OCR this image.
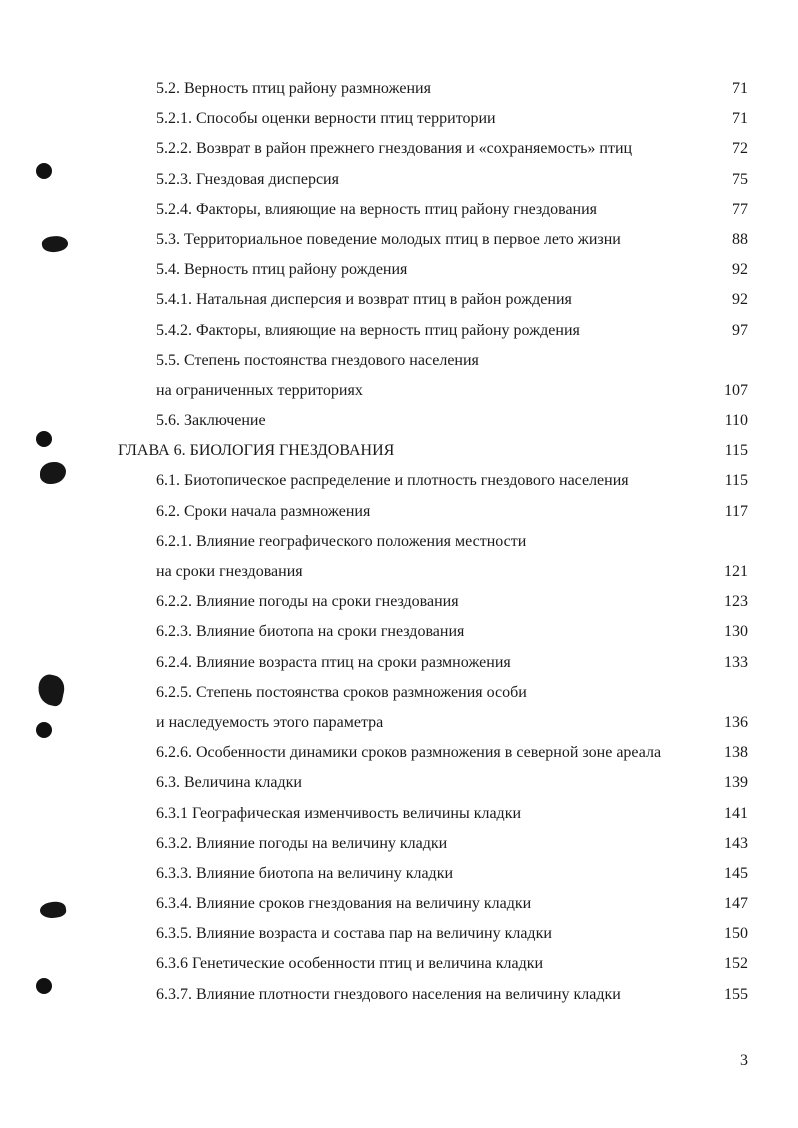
5.2. Верность птиц району размножения	71
5.2.1. Способы оценки верности птиц территории	71
5.2.2. Возврат в район прежнего гнездования и «сохраняемость» птиц	72
5.2.3. Гнездовая дисперсия	75
5.2.4. Факторы, влияющие на верность птиц району гнездования	77
5.3. Территориальное поведение молодых птиц в первое лето жизни	88
5.4. Верность птиц району рождения	92
5.4.1. Натальная дисперсия и возврат птиц в район рождения	92
5.4.2. Факторы, влияющие на верность птиц району рождения	97
5.5. Степень постоянства гнездового населения
на ограниченных территориях	107
5.6. Заключение	110
ГЛАВА 6. БИОЛОГИЯ ГНЕЗДОВАНИЯ	115
6.1. Биотопическое распределение и плотность гнездового населения	115
6.2. Сроки начала размножения	117
6.2.1. Влияние географического положения местности
на сроки гнездования	121
6.2.2. Влияние погоды на сроки гнездования	123
6.2.3. Влияние биотопа на сроки гнездования	130
6.2.4. Влияние возраста птиц на сроки размножения	133
6.2.5. Степень постоянства сроков размножения особи
и наследуемость этого параметра	136
6.2.6. Особенности динамики сроков размножения в северной зоне ареала	138
6.3. Величина кладки	139
6.3.1 Географическая изменчивость величины кладки	141
6.3.2. Влияние погоды на величину кладки	143
6.3.3. Влияние биотопа на величину кладки	145
6.3.4. Влияние сроков гнездования на величину кладки	147
6.3.5. Влияние возраста и состава пар на величину кладки	150
6.3.6 Генетические особенности птиц и величина кладки	152
6.3.7. Влияние плотности гнездового населения на величину кладки	155
3
